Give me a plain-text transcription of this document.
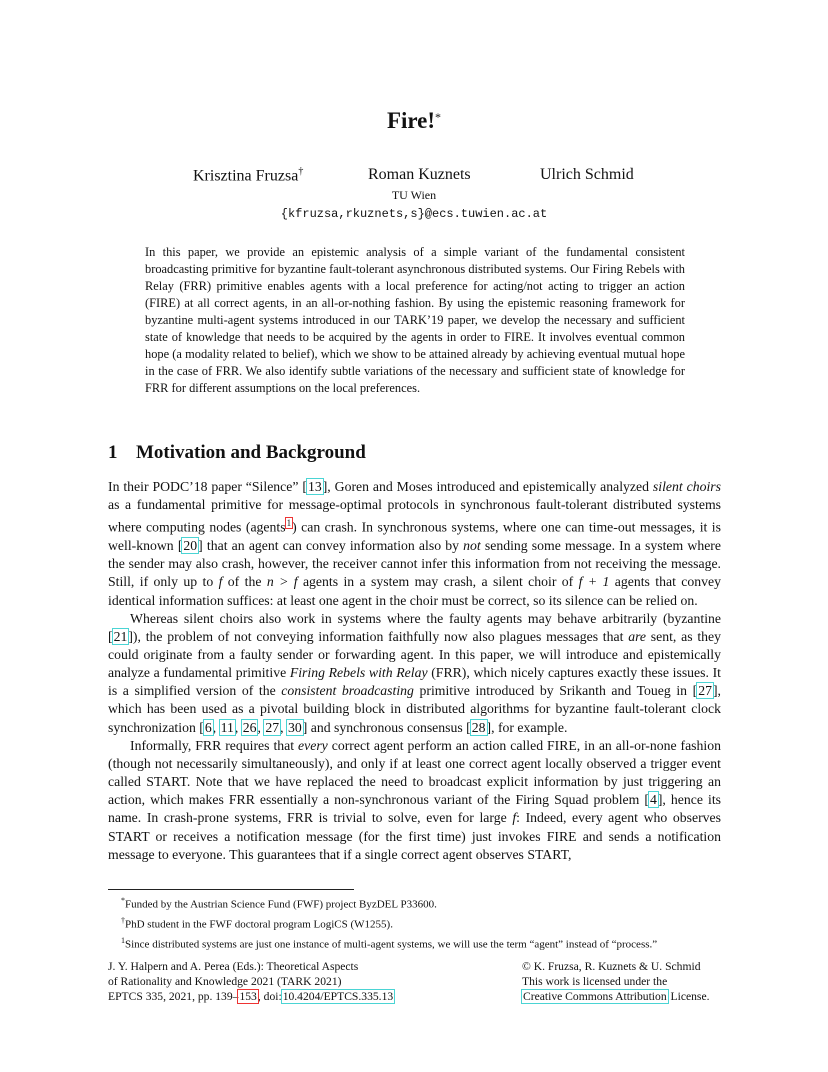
Fire!*
Krisztina Fruzsa†	Roman Kuznets	Ulrich Schmid
TU Wien
{kfruzsa,rkuznets,s}@ecs.tuwien.ac.at
In this paper, we provide an epistemic analysis of a simple variant of the fundamental consistent broadcasting primitive for byzantine fault-tolerant asynchronous distributed systems. Our Firing Rebels with Relay (FRR) primitive enables agents with a local preference for acting/not acting to trigger an action (FIRE) at all correct agents, in an all-or-nothing fashion. By using the epistemic reasoning framework for byzantine multi-agent systems introduced in our TARK’19 paper, we develop the necessary and sufficient state of knowledge that needs to be acquired by the agents in order to FIRE. It involves eventual common hope (a modality related to belief), which we show to be attained already by achieving eventual mutual hope in the case of FRR. We also identify subtle variations of the necessary and sufficient state of knowledge for FRR for different assumptions on the local preferences.
1 Motivation and Background

In their PODC’18 paper “Silence” [13], Goren and Moses introduced and epistemically analyzed silent choirs as a fundamental primitive for message-optimal protocols in synchronous fault-tolerant distributed systems where computing nodes (agents$^1$) can crash. In synchronous systems, where one can time-out messages, it is well-known [20] that an agent can convey information also by not sending some message. In a system where the sender may also crash, however, the receiver cannot infer this information from not receiving the message. Still, if only up to f of the n > f agents in a system may crash, a silent choir of f + 1 agents that convey identical information suffices: at least one agent in the choir must be correct, so its silence can be relied on.

Whereas silent choirs also work in systems where the faulty agents may behave arbitrarily (byzantine [21]), the problem of not conveying information faithfully now also plagues messages that are sent, as they could originate from a faulty sender or forwarding agent. In this paper, we will introduce and epistemically analyze a fundamental primitive Firing Rebels with Relay (FRR), which nicely captures exactly these issues. It is a simplified version of the consistent broadcasting primitive introduced by Srikanth and Toueg in [27], which has been used as a pivotal building block in distributed algorithms for byzantine fault-tolerant clock synchronization [6, 11, 26, 27, 30] and synchronous consensus [28], for example.

Informally, FRR requires that every correct agent perform an action called FIRE, in an all-or-none fashion (though not necessarily simultaneously), and only if at least one correct agent locally observed a trigger event called START. Note that we have replaced the need to broadcast explicit information by just triggering an action, which makes FRR essentially a non-synchronous variant of the Firing Squad problem [4], hence its name. In crash-prone systems, FRR is trivial to solve, even for large f: Indeed, every agent who observes START or receives a notification message (for the first time) just invokes FIRE and sends a notification message to everyone. This guarantees that if a single correct agent observes START,

*Funded by the Austrian Science Fund (FWF) project ByzDEL P33600.
†PhD student in the FWF doctoral program LogiCS (W1255).
$^1$Since distributed systems are just one instance of multi-agent systems, we will use the term “agent” instead of “process.”
J. Y. Halpern and A. Perea (Eds.): Theoretical Aspects
of Rationality and Knowledge 2021 (TARK 2021)
EPTCS 335, 2021, pp. 139–153, doi:10.4204/EPTCS.335.13
© K. Fruzsa, R. Kuznets & U. Schmid
This work is licensed under the
Creative Commons Attribution License.
